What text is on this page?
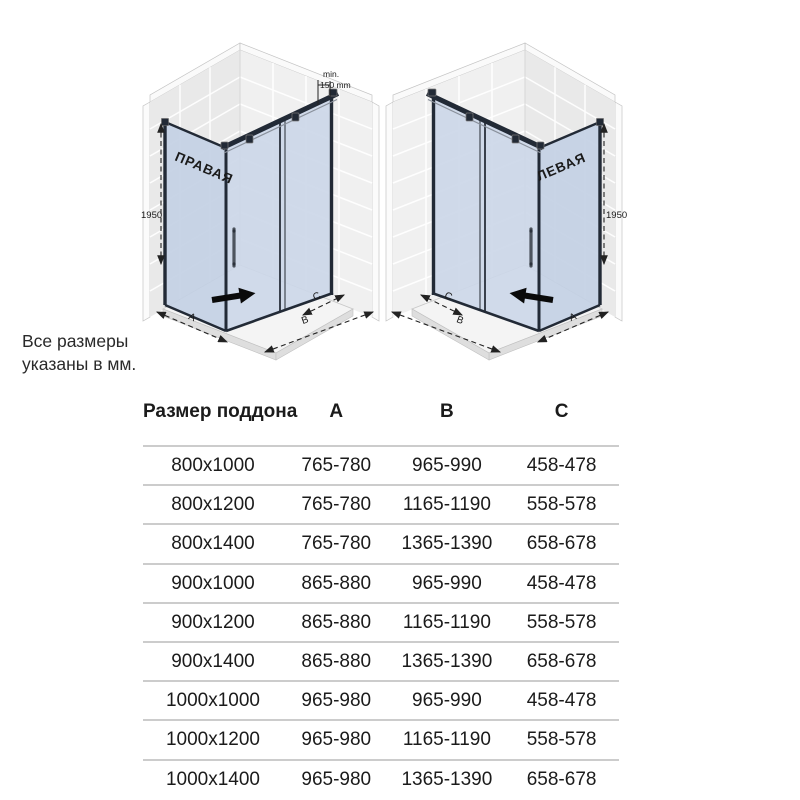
ПРАВАЯ	ЛЕВАЯ
1950	1950
min.
150 mm
A
C
B	A
C
B
Все размеры
указаны в мм.
Размер поддона	A	B	C
800x1000	765-780	965-990	458-478
800x1200	765-780	1165-1190	558-578
800x1400	765-780	1365-1390	658-678
900x1000	865-880	965-990	458-478
900x1200	865-880	1165-1190	558-578
900x1400	865-880	1365-1390	658-678
1000x1000	965-980	965-990	458-478
1000x1200	965-980	1165-1190	558-578
1000x1400	965-980	1365-1390	658-678
